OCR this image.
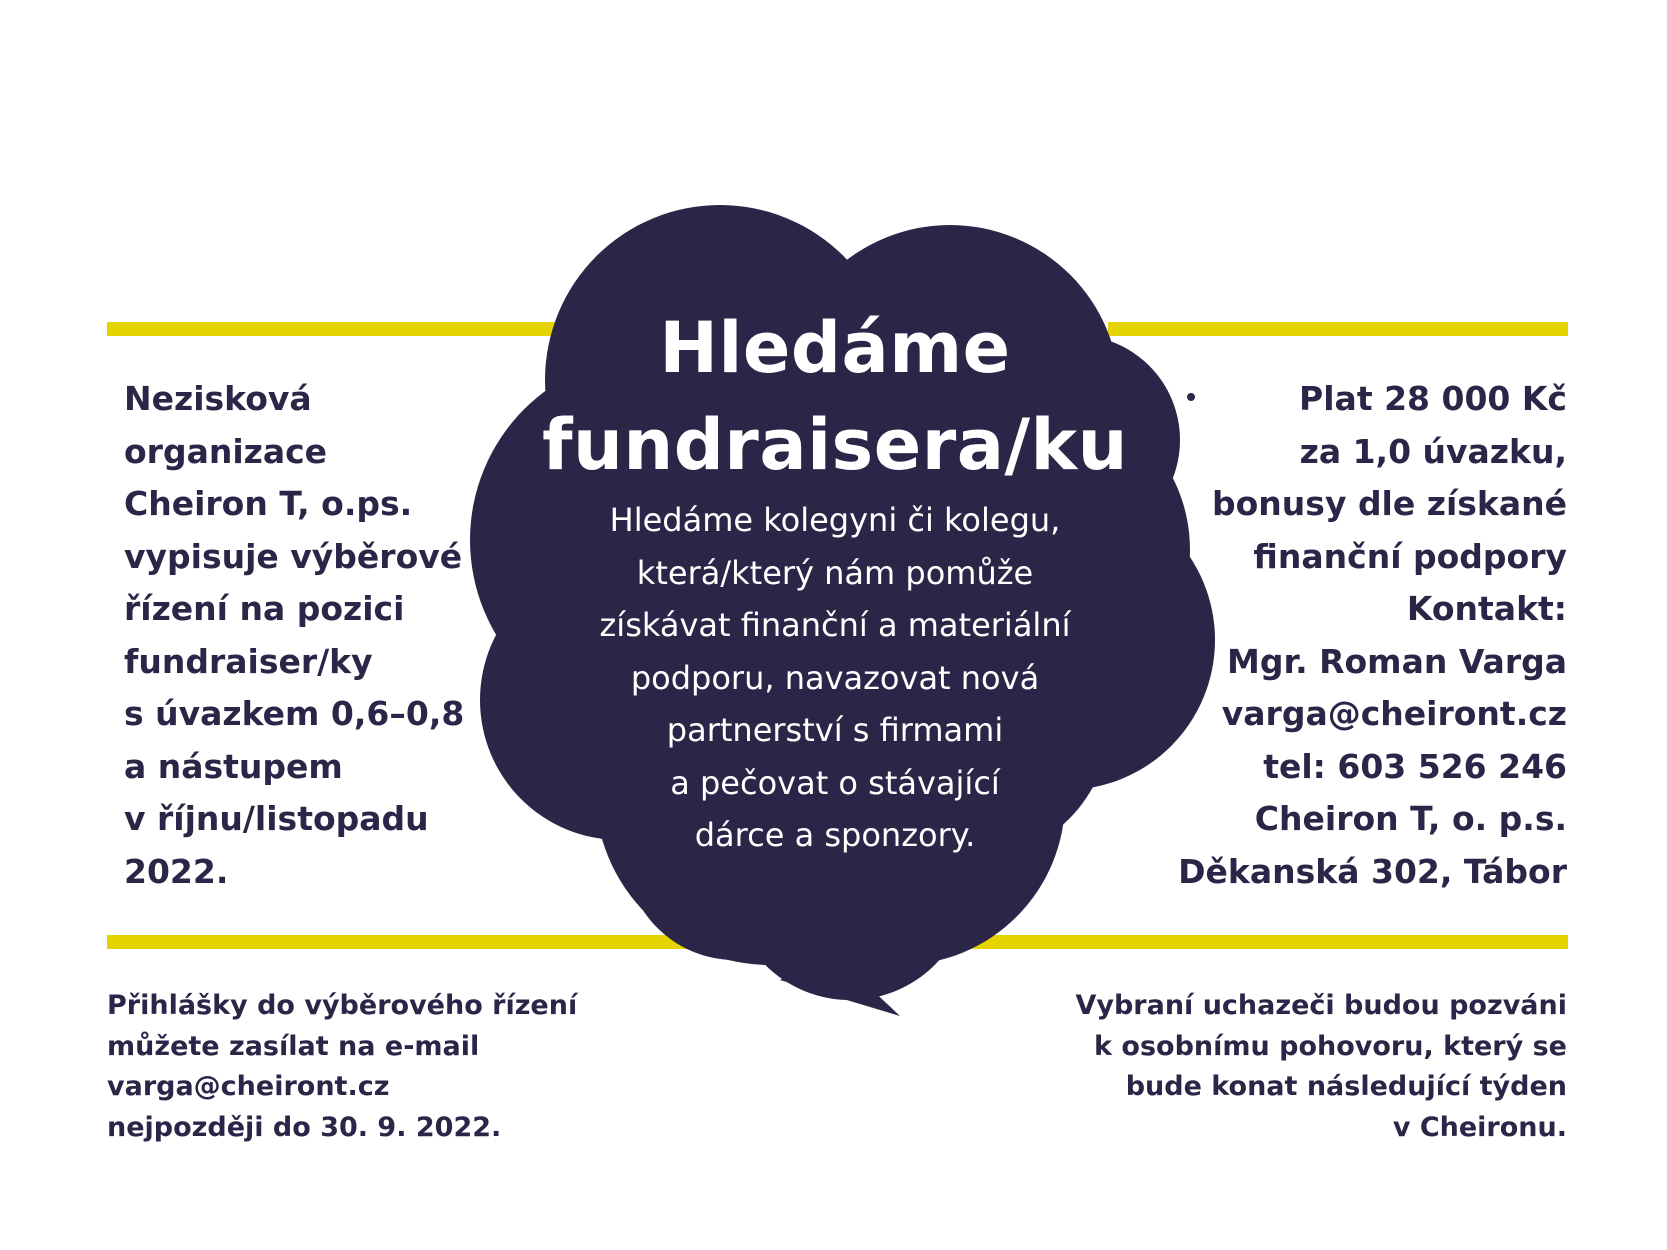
Hledáme
fundraisera/ku

Hledáme kolegyni či kolegu,
která/který nám pomůže
získávat finanční a materiální
podporu, navazovat nová
partnerství s firmami
a pečovat o stávající
dárce a sponzory.

Nezisková
organizace
Cheiron T, o.ps.
vypisuje výběrové
řízení na pozici
fundraiser/ky
s úvazkem 0,6–0,8
a nástupem
v říjnu/listopadu
2022.

Plat 28 000 Kč
za 1,0 úvazku,
bonusy dle získané
finanční podpory
Kontakt:
Mgr. Roman Varga
varga@cheiront.cz
tel: 603 526 246
Cheiron T, o. p.s.
Děkanská 302, Tábor

Přihlášky do výběrového řízení
můžete zasílat na e-mail
varga@cheiront.cz
nejpozději do 30. 9. 2022.

Vybraní uchazeči budou pozváni
k osobnímu pohovoru, který se
bude konat následující týden
v Cheironu.
